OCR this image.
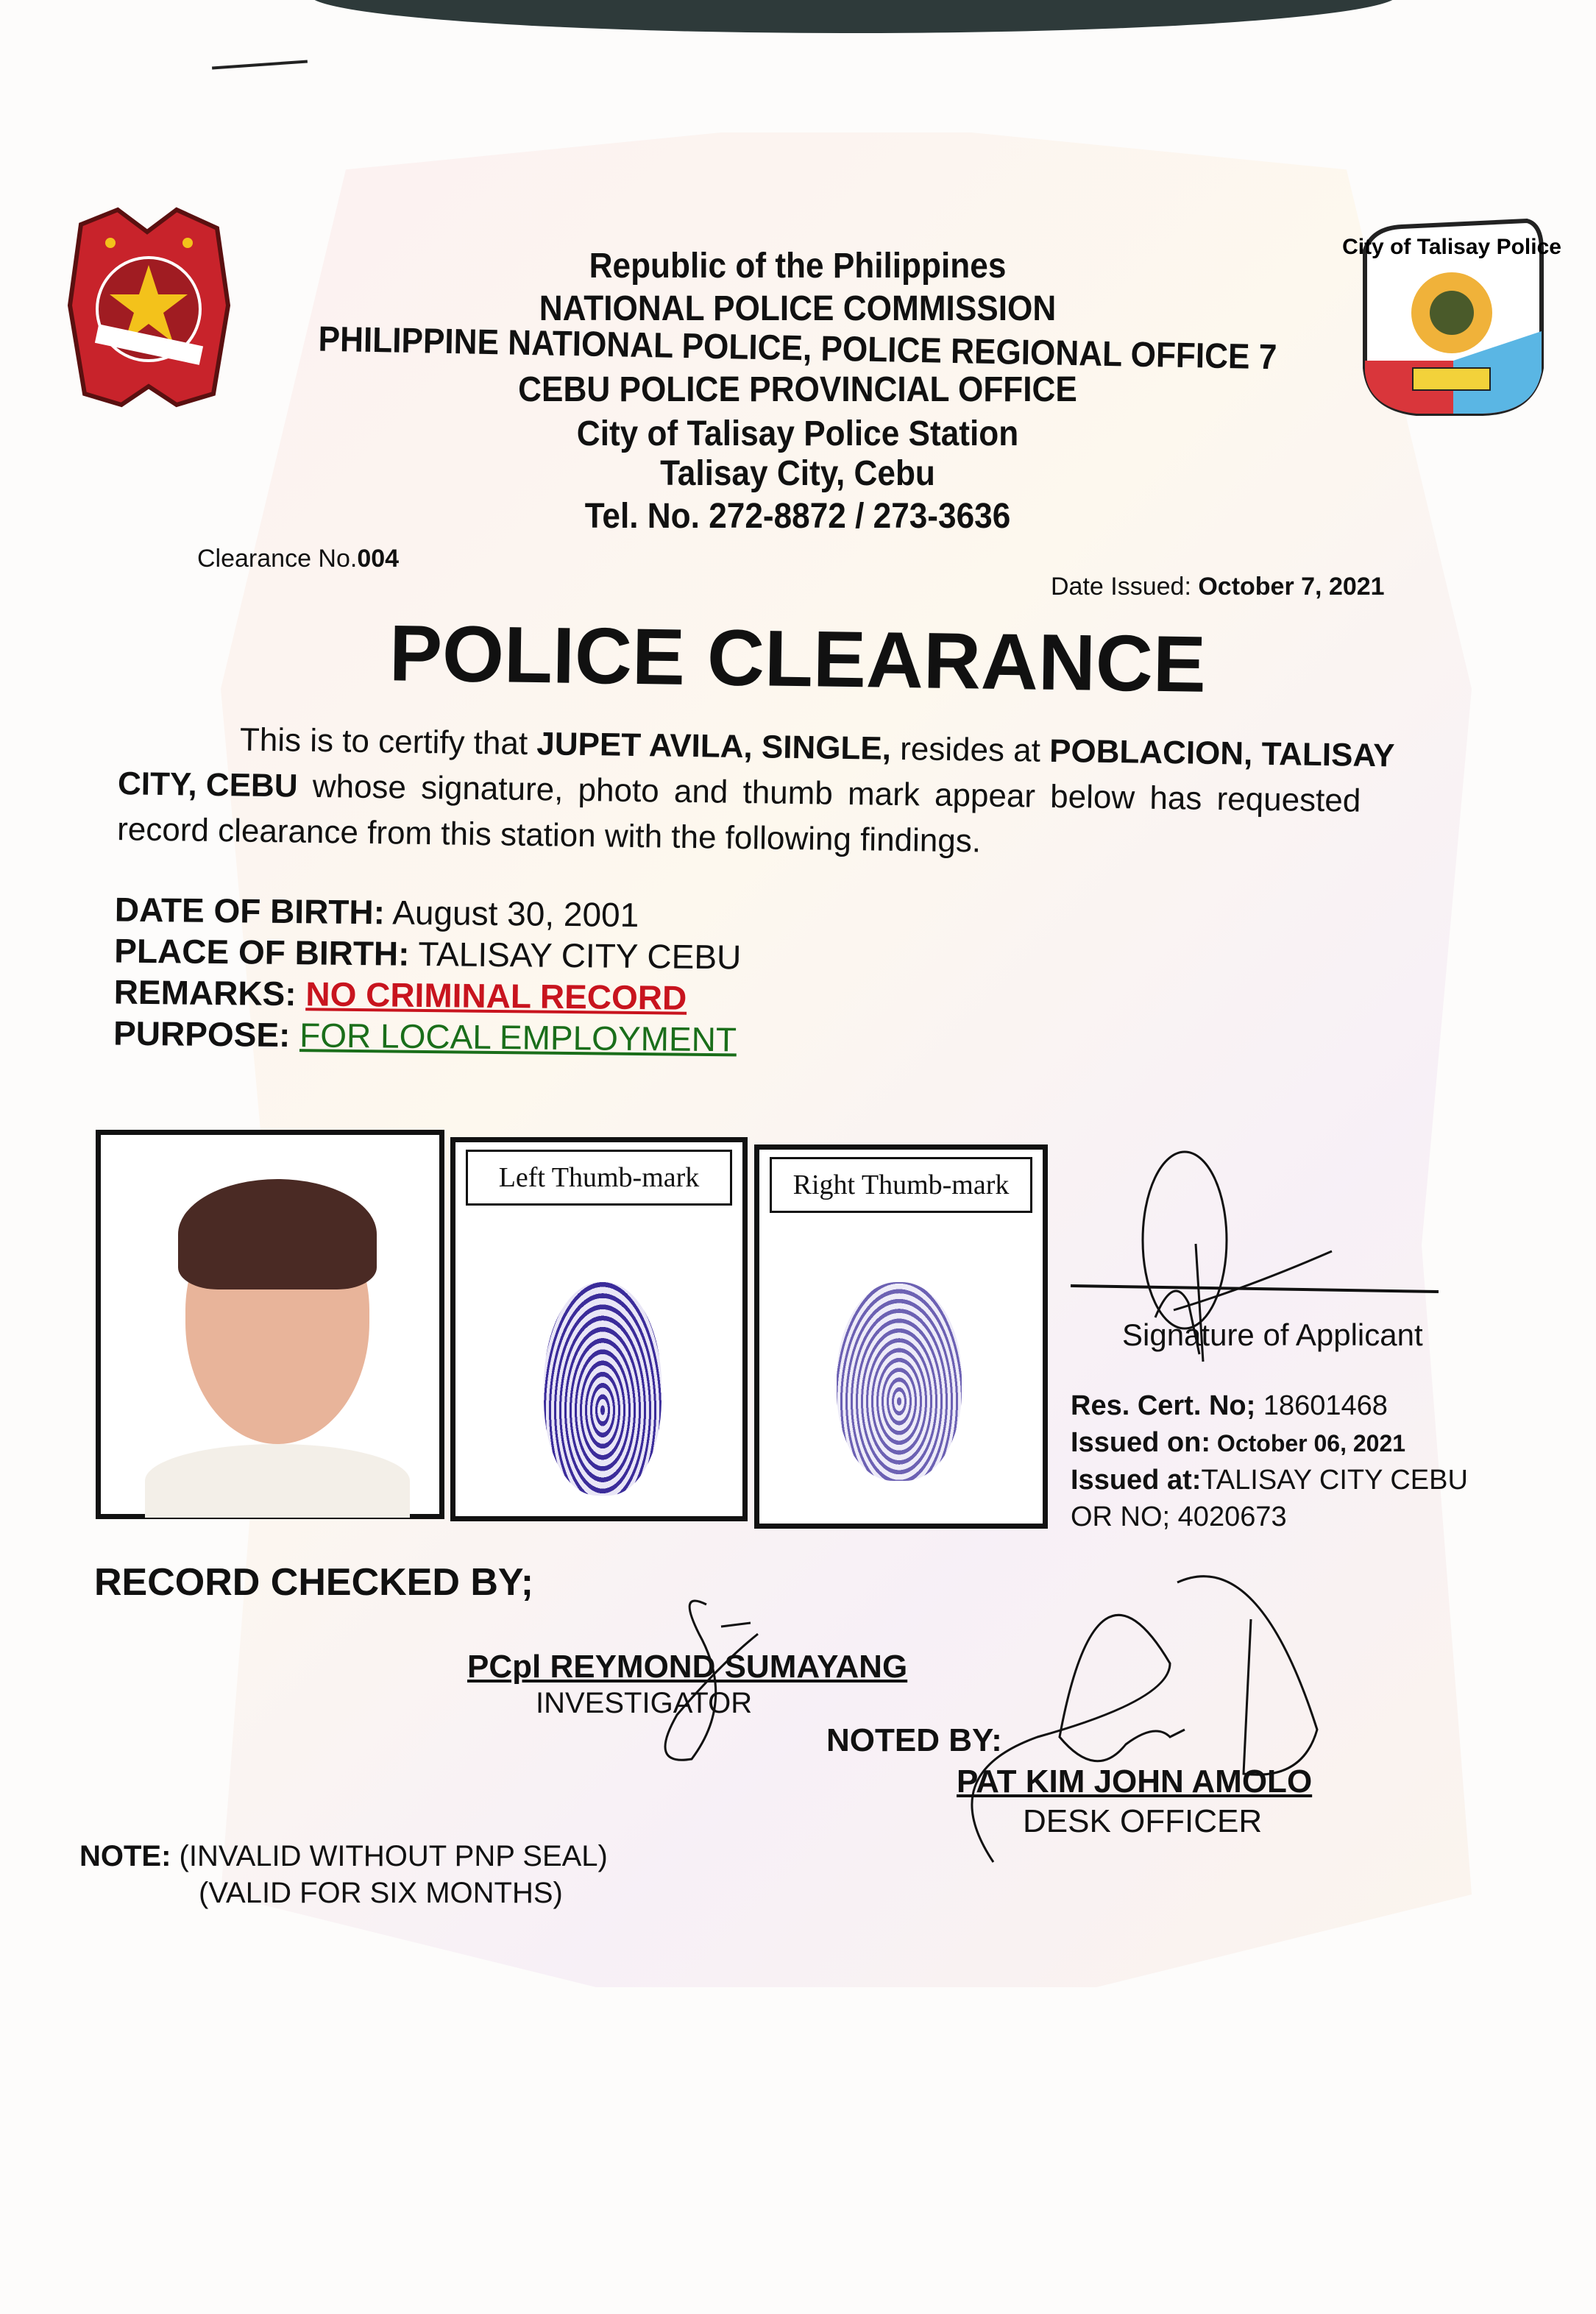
City of Talisay Police
Republic of the Philippines
NATIONAL POLICE COMMISSION
PHILIPPINE NATIONAL POLICE, POLICE REGIONAL OFFICE 7
CEBU POLICE PROVINCIAL OFFICE
City of Talisay Police Station
Talisay City, Cebu
Tel. No. 272-8872 / 273-3636
Clearance No.004
Date Issued: October 7, 2021
POLICE CLEARANCE
This is to certify that JUPET AVILA, SINGLE, resides at POBLACION, TALISAY
CITY, CEBU whose signature, photo and thumb mark appear below has requested
record clearance from this station with the following findings.
DATE OF BIRTH: August 30, 2001
PLACE OF BIRTH: TALISAY CITY CEBU
REMARKS: NO CRIMINAL RECORD
PURPOSE: FOR LOCAL EMPLOYMENT
Left Thumb-mark	Right Thumb-mark
Signature of Applicant
Res. Cert. No; 18601468
Issued on: October 06, 2021
Issued at:TALISAY CITY CEBU
OR NO; 4020673
RECORD CHECKED BY;
PCpl REYMOND SUMAYANG
INVESTIGATOR
NOTED BY:
PAT KIM JOHN AMOLO
DESK OFFICER
NOTE: (INVALID WITHOUT PNP SEAL)
(VALID FOR SIX MONTHS)
